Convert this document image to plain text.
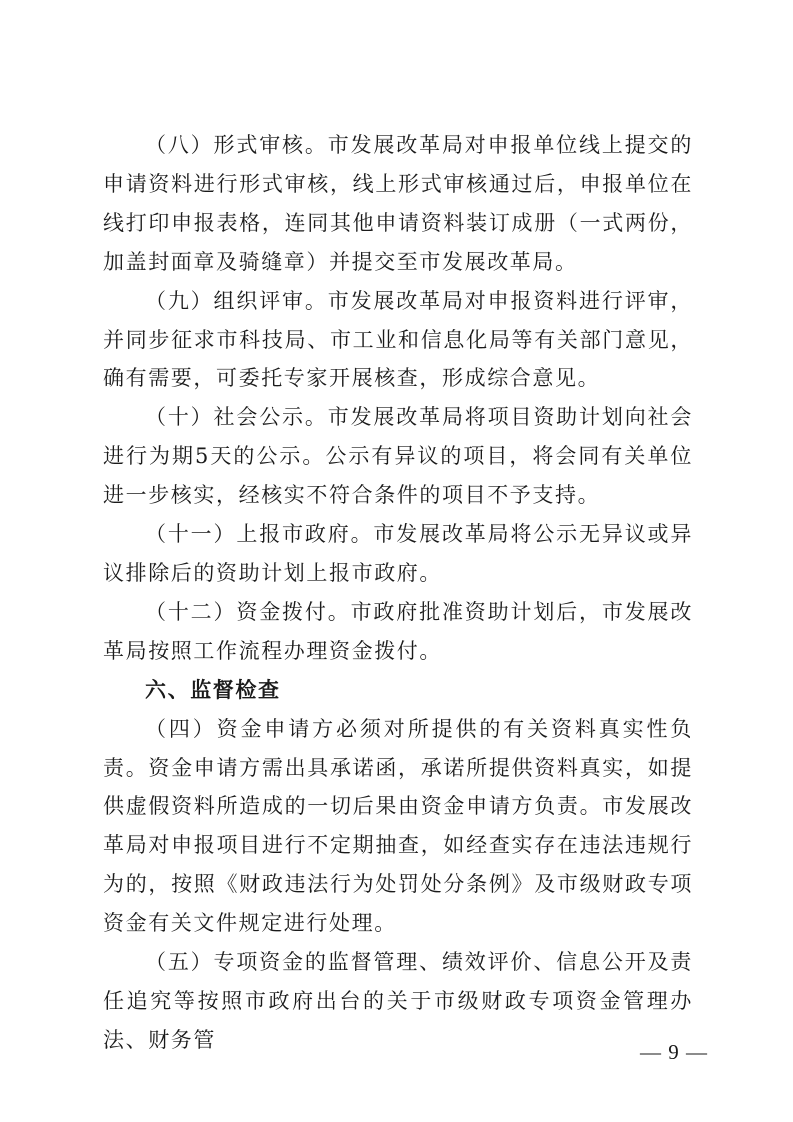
（八）形式审核。市发展改革局对申报单位线上提交的申请资料进行形式审核，线上形式审核通过后，申报单位在线打印申报表格，连同其他申请资料装订成册（一式两份，加盖封面章及骑缝章）并提交至市发展改革局。

（九）组织评审。市发展改革局对申报资料进行评审，并同步征求市科技局、市工业和信息化局等有关部门意见，确有需要，可委托专家开展核查，形成综合意见。

（十）社会公示。市发展改革局将项目资助计划向社会进行为期5天的公示。公示有异议的项目，将会同有关单位进一步核实，经核实不符合条件的项目不予支持。

（十一）上报市政府。市发展改革局将公示无异议或异议排除后的资助计划上报市政府。

（十二）资金拨付。市政府批准资助计划后，市发展改革局按照工作流程办理资金拨付。

六、监督检查

（四）资金申请方必须对所提供的有关资料真实性负责。资金申请方需出具承诺函，承诺所提供资料真实，如提供虚假资料所造成的一切后果由资金申请方负责。市发展改革局对申报项目进行不定期抽查，如经查实存在违法违规行为的，按照《财政违法行为处罚处分条例》及市级财政专项资金有关文件规定进行处理。

（五）专项资金的监督管理、绩效评价、信息公开及责任追究等按照市政府出台的关于市级财政专项资金管理办法、财务管

— 9 —
